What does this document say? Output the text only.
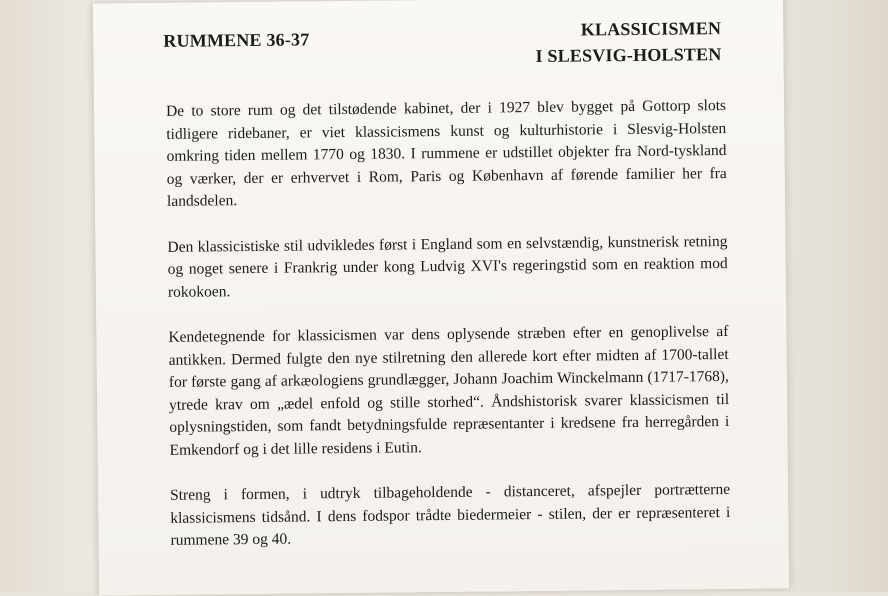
RUMMENE 36-37
KLASSICISMEN
I SLESVIG-HOLSTEN

De to store rum og det tilstødende kabinet, der i 1927 blev bygget på Gottorp slots tidligere ridebaner, er viet klassicismens kunst og kulturhistorie i Slesvig-Holsten omkring tiden mellem 1770 og 1830. I rummene er udstillet objekter fra Nord-tyskland og værker, der er erhvervet i Rom, Paris og København af førende familier her fra landsdelen.

Den klassicistiske stil udvikledes først i England som en selvstændig, kunstnerisk retning og noget senere i Frankrig under kong Ludvig XVI's regeringstid som en reaktion mod rokokoen.

Kendetegnende for klassicismen var dens oplysende stræben efter en genoplivelse af antikken. Dermed fulgte den nye stilretning den allerede kort efter midten af 1700-tallet for første gang af arkæologiens grundlægger, Johann Joachim Winckelmann (1717-1768), ytrede krav om „ædel enfold og stille storhed“. Åndshistorisk svarer klassicismen til oplysningstiden, som fandt betydningsfulde repræsentanter i kredsene fra herregården i Emkendorf og i det lille residens i Eutin.

Streng i formen, i udtryk tilbageholdende - distanceret, afspejler portrætterne klassicismens tidsånd. I dens fodspor trådte biedermeier - stilen, der er repræsenteret i rummene 39 og 40.
